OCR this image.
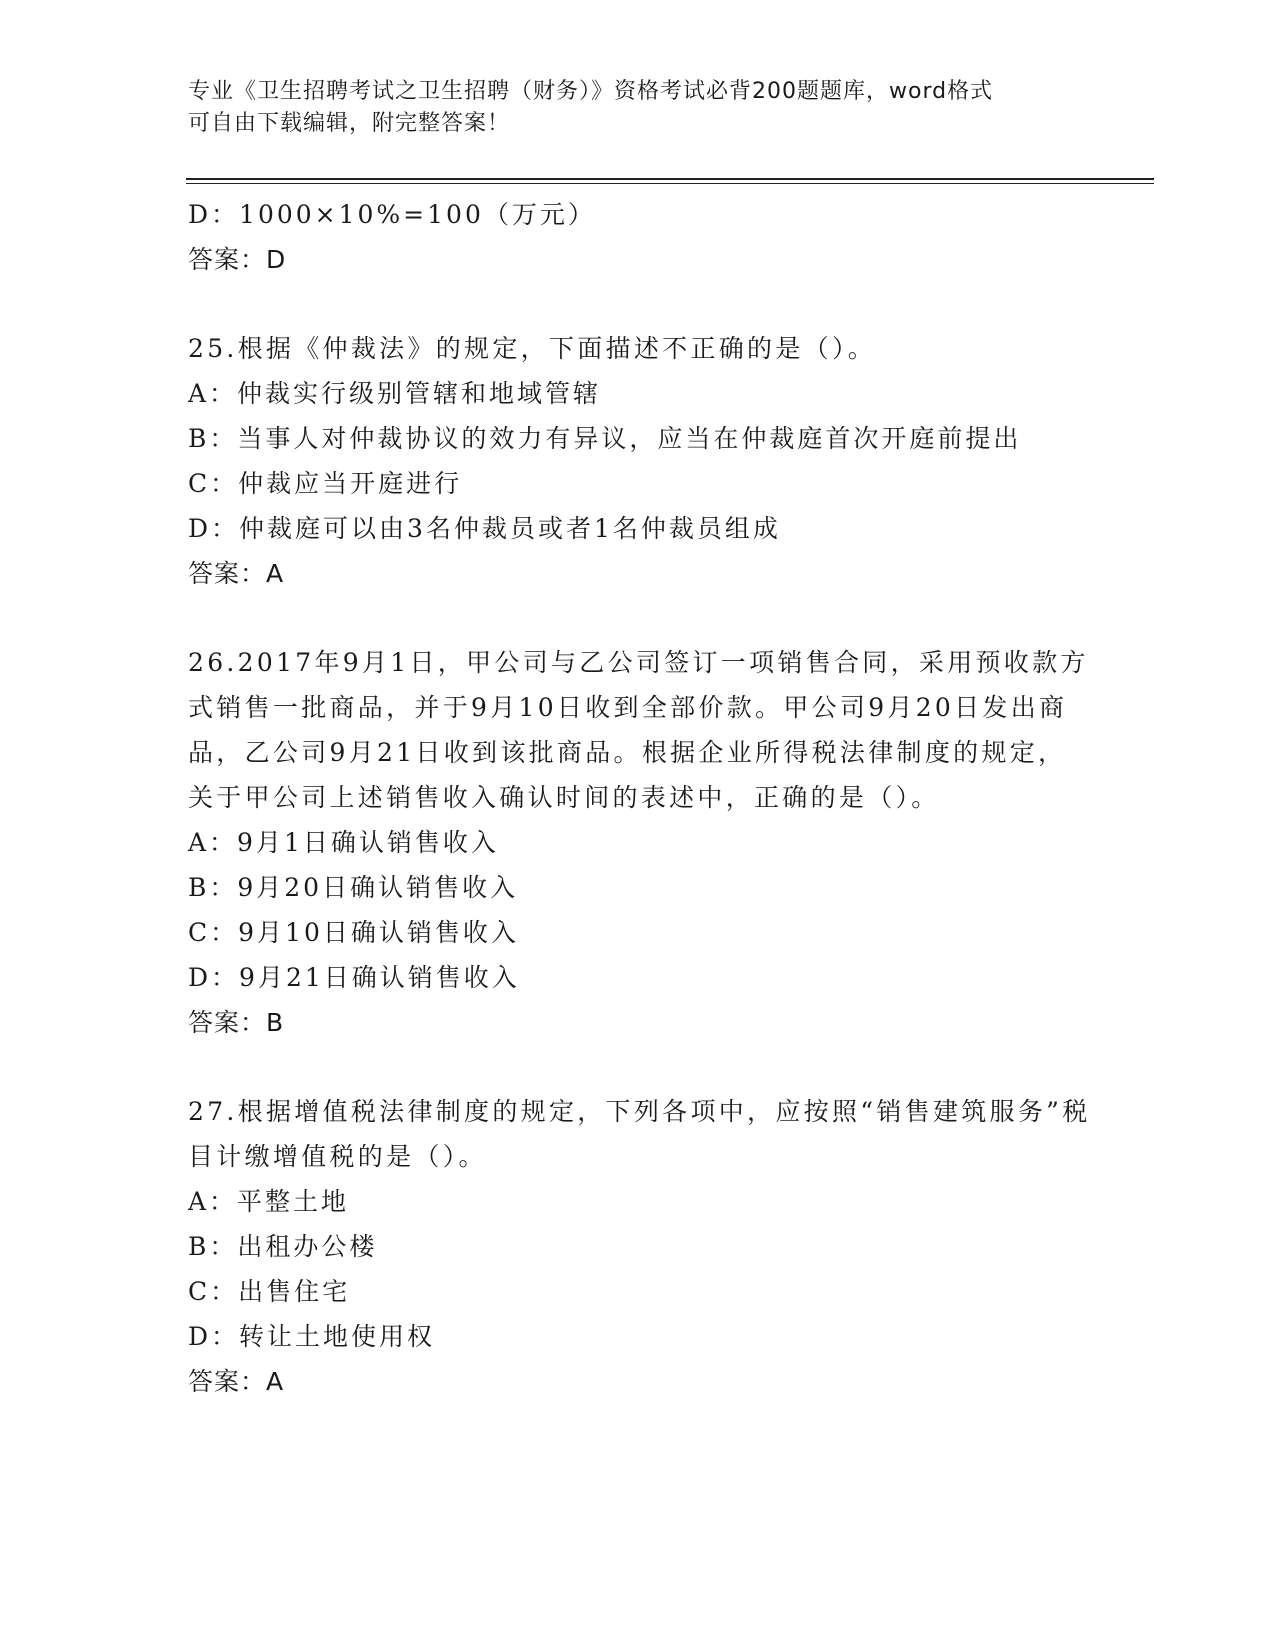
专业《卫生招聘考试之卫生招聘（财务）》资格考试必背200题题库，word格式
可自由下载编辑，附完整答案！
D：1000×10%=100（万元）
答案：D
25.根据《仲裁法》的规定，下面描述不正确的是（）。
A：仲裁实行级别管辖和地域管辖
B：当事人对仲裁协议的效力有异议，应当在仲裁庭首次开庭前提出
C：仲裁应当开庭进行
D：仲裁庭可以由3名仲裁员或者1名仲裁员组成
答案：A
26.2017年9月1日，甲公司与乙公司签订一项销售合同，采用预收款方式销售一批商品，并于9月10日收到全部价款。甲公司9月20日发出商品，乙公司9月21日收到该批商品。根据企业所得税法律制度的规定，关于甲公司上述销售收入确认时间的表述中，正确的是（）。
A：9月1日确认销售收入
B：9月20日确认销售收入
C：9月10日确认销售收入
D：9月21日确认销售收入
答案：B
27.根据增值税法律制度的规定，下列各项中，应按照“销售建筑服务”税目计缴增值税的是（）。
A：平整土地
B：出租办公楼
C：出售住宅
D：转让土地使用权
答案：A
